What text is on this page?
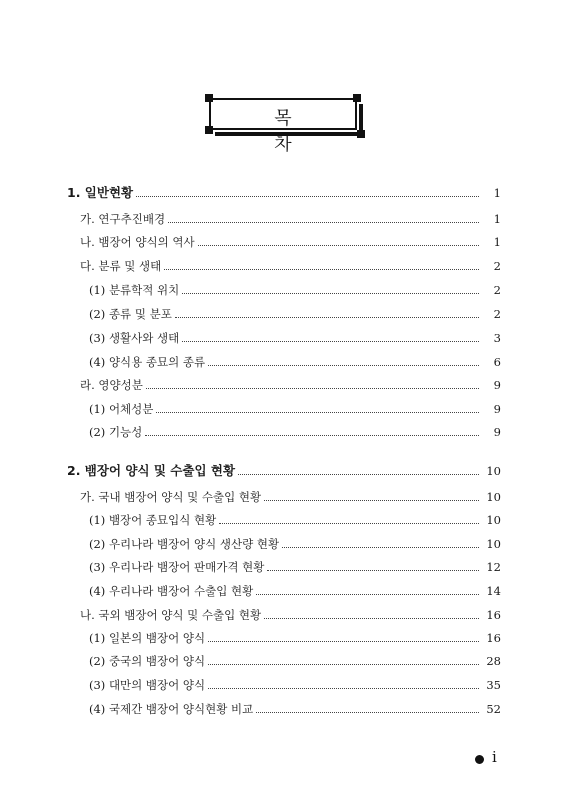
목 차
1. 일반현황	1
가. 연구추진배경	1
나. 뱀장어 양식의 역사	1
다. 분류 및 생태	2
(1) 분류학적 위치	2
(2) 종류 및 분포	2
(3) 생활사와 생태	3
(4) 양식용 종묘의 종류	6
라. 영양성분	9
(1) 어체성분	9
(2) 기능성	9
2. 뱀장어 양식 및 수출입 현황	10
가. 국내 뱀장어 양식 및 수출입 현황	10
(1) 뱀장어 종묘입식 현황	10
(2) 우리나라 뱀장어 양식 생산량 현황	10
(3) 우리나라 뱀장어 판매가격 현황	12
(4) 우리나라 뱀장어 수출입 현황	14
나. 국외 뱀장어 양식 및 수출입 현황	16
(1) 일본의 뱀장어 양식	16
(2) 중국의 뱀장어 양식	28
(3) 대만의 뱀장어 양식	35
(4) 국제간 뱀장어 양식현황 비교	52
i
